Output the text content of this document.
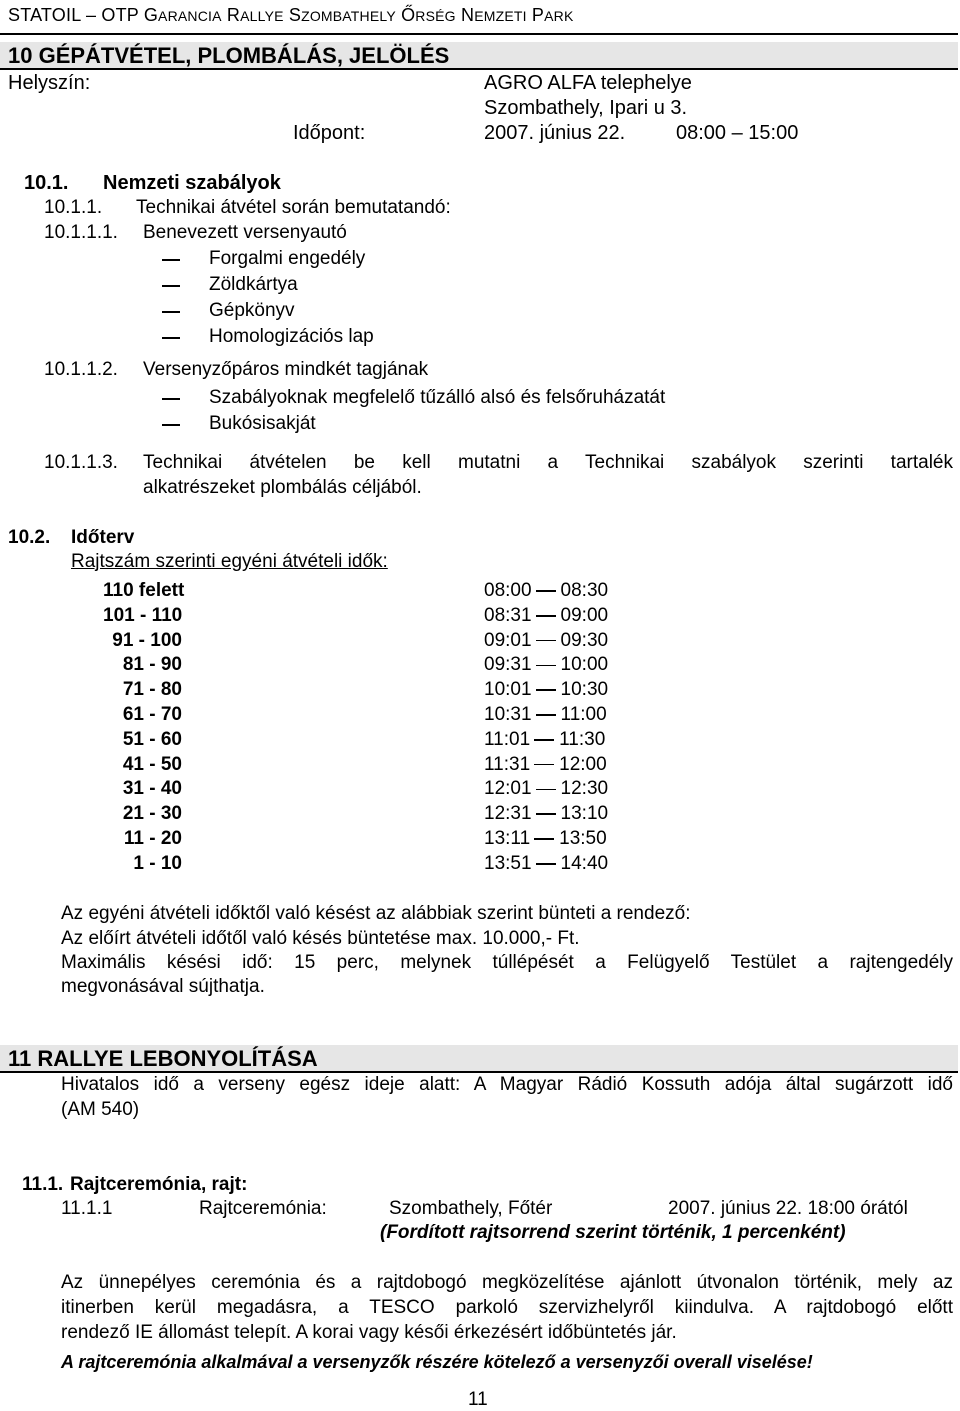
STATOIL – OTP GARANCIA RALLYE SZOMBATHELY ŐRSÉG NEMZETI PARK
10 GÉPÁTVÉTEL, PLOMBÁLÁS, JELÖLÉS
Helyszín:	AGRO ALFA telephelye
Szombathely, Ipari u 3.
Időpont:	2007. június 22.	08:00 – 15:00
10.1. Nemzeti szabályok
10.1.1. Technikai átvétel során bemutatandó:
10.1.1.1. Benevezett versenyautó
Forgalmi engedély
Zöldkártya
Gépkönyv
Homologizációs lap
10.1.1.2. Versenyzőpáros mindkét tagjának
Szabályoknak megfelelő tűzálló alsó és felsőruházatát
Bukósisakját
10.1.1.3. Technikai átvételen be kell mutatni a Technikai szabályok szerinti tartalék
alkatrészeket plombálás céljából.
10.2. Időterv
Rajtszám szerinti egyéni átvételi idők:
110 felett	08:00 08:30
101 - 110	08:31 09:00
91 - 100	09:01 09:30
81 - 90	09:31 10:00
71 - 80	10:01 10:30
61 - 70	10:31 11:00
51 - 60	11:01 11:30
41 - 50	11:31 12:00
31 - 40	12:01 12:30
21 - 30	12:31 13:10
11 - 20	13:11 13:50
1 - 10	13:51 14:40
Az egyéni átvételi időktől való késést az alábbiak szerint bünteti a rendező:
Az előírt átvételi időtől való késés büntetése max. 10.000,- Ft.
Maximális késési idő: 15 perc, melynek túllépését a Felügyelő Testület a rajtengedély
megvonásával sújthatja.
11 RALLYE LEBONYOLÍTÁSA
Hivatalos idő a verseny egész ideje alatt: A Magyar Rádió Kossuth adója által sugárzott idő
(AM 540)
11.1. Rajtceremónia, rajt:
11.1.1	Rajtceremónia:	Szombathely, Főtér	2007. június 22. 18:00 órától
(Fordított rajtsorrend szerint történik, 1 percenként)
Az ünnepélyes ceremónia és a rajtdobogó megközelítése ajánlott útvonalon történik, mely az
itinerben kerül megadásra, a TESCO parkoló szervizhelyről kiindulva. A rajtdobogó előtt
rendező IE állomást telepít. A korai vagy késői érkezésért időbüntetés jár.
A rajtceremónia alkalmával a versenyzők részére kötelező a versenyzői overall viselése!
11
